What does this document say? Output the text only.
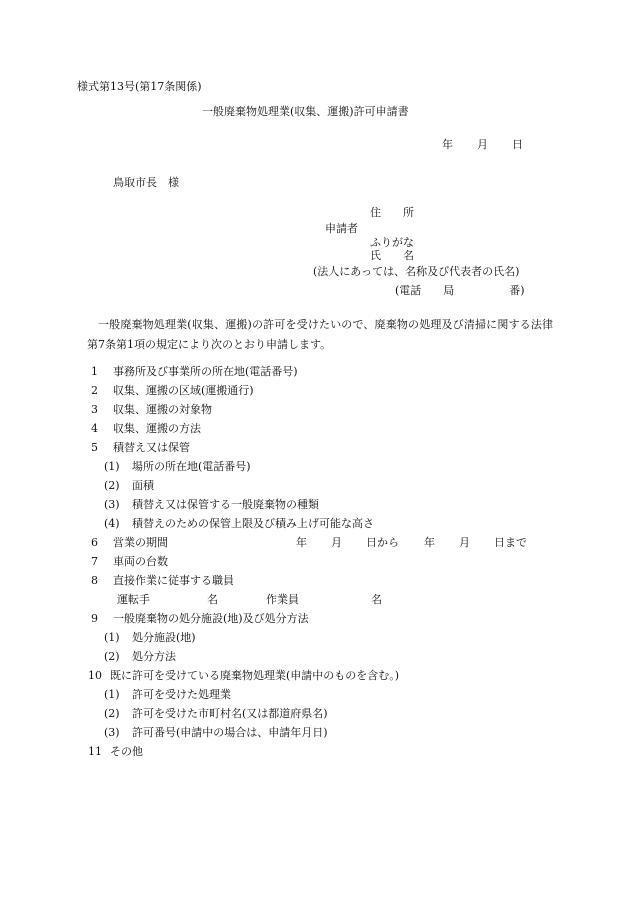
様式第13号(第17条関係)
一般廃棄物処理業(収集、運搬)許可申請書
年 月 日
鳥取市長　様
住　　所
申請者
ふりがな
氏　　名
(法人にあっては、名称及び代表者の氏名)
(電話　　局　　　　　番)
一般廃棄物処理業(収集、運搬)の許可を受けたいので、廃棄物の処理及び清掃に関する法律第7条第1項の規定により次のとおり申請します。
1 事務所及び事業所の所在地(電話番号)
2 収集、運搬の区域(運搬通行)
3 収集、運搬の対象物
4 収集、運搬の方法
5 積替え又は保管
(1) 場所の所在地(電話番号)
(2) 面積
(3) 積替え又は保管する一般廃棄物の種類
(4) 積替えのための保管上限及び積み上げ可能な高さ
6 営業の期間	年 月 日から 年 月 日まで
7 車両の台数
8 直接作業に従事する職員
運転手	名	作業員	名
9 一般廃棄物の処分施設(地)及び処分方法
(1) 処分施設(地)
(2) 処分方法
10 既に許可を受けている廃棄物処理業(申請中のものを含む。)
(1) 許可を受けた処理業
(2) 許可を受けた市町村名(又は都道府県名)
(3) 許可番号(申請中の場合は、申請年月日)
11 その他
